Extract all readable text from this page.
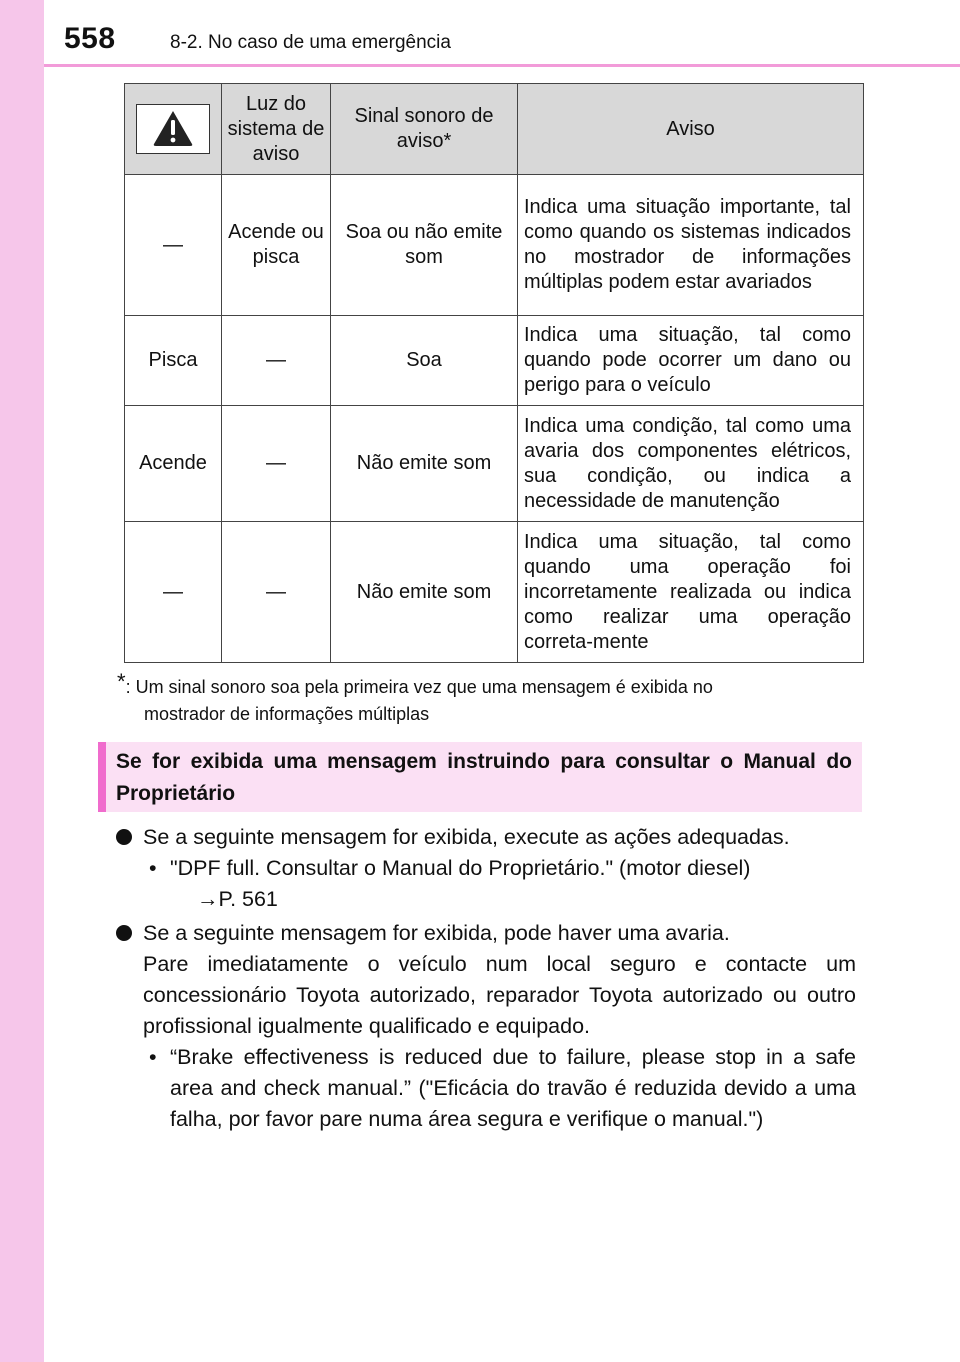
558	8-2. No caso de uma emergência
	Luz do sistema de aviso	Sinal sonoro de aviso*	Aviso
—	Acende ou pisca	Soa ou não emite som	Indica uma situação importante, tal como quando os sistemas indicados no mostrador de informações múltiplas podem estar avariados
Pisca	—	Soa	Indica uma situação, tal como quando pode ocorrer um dano ou perigo para o veículo
Acende	—	Não emite som	Indica uma condição, tal como uma avaria dos componentes elétricos, sua condição, ou indica a necessidade de manutenção
—	—	Não emite som	Indica uma situação, tal como quando uma operação foi incorretamente realizada ou indica como realizar uma operação correta-mente
*: Um sinal sonoro soa pela primeira vez que uma mensagem é exibida no
mostrador de informações múltiplas
Se for exibida uma mensagem instruindo para consultar o Manual do Proprietário
Se a seguinte mensagem for exibida, execute as ações adequadas.
• "DPF full. Consultar o Manual do Proprietário." (motor diesel)
→P. 561
Se a seguinte mensagem for exibida, pode haver uma avaria.
Pare imediatamente o veículo num local seguro e contacte um concessionário Toyota autorizado, reparador Toyota autorizado ou outro profissional igualmente qualificado e equipado.
• “Brake effectiveness is reduced due to failure, please stop in a safe area and check manual.” ("Eficácia do travão é reduzida devido a uma falha, por favor pare numa área segura e verifique o manual.")
